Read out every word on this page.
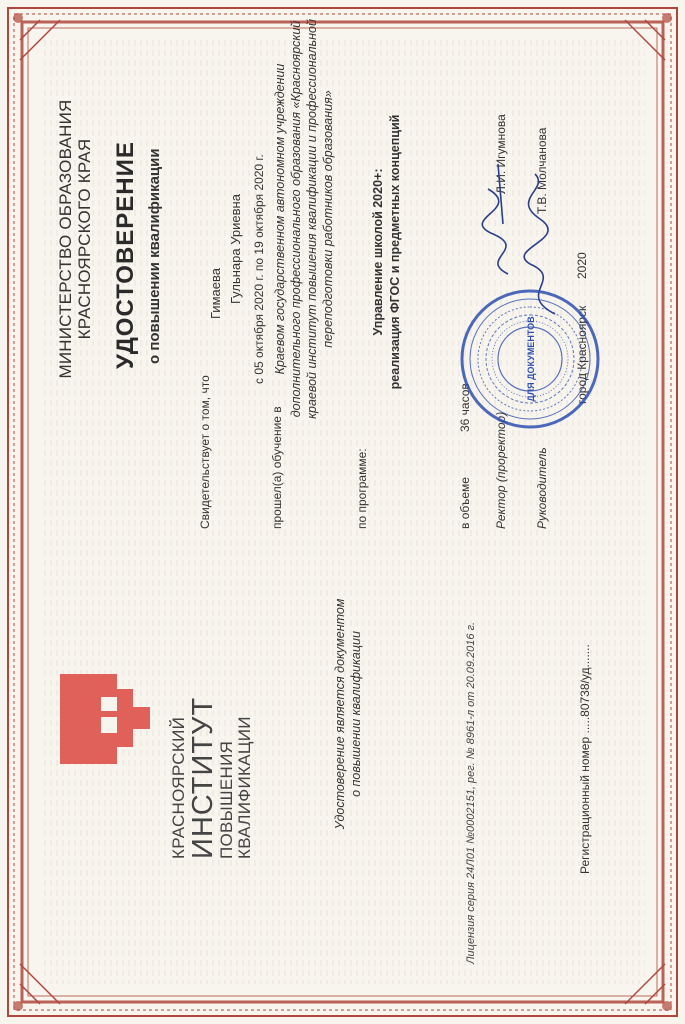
КРАСНОЯРСКИЙ ИНСТИТУТ
ПОВЫШЕНИЯ КВАЛИФИКАЦИИ	Удостоверение является документом о повышении квалификации	Лицензия серия 24Л01 №0002151, рег. № 8961-л от 20.09.2016 г.	Регистрационный номер .....80738/уд.......
МИНИСТЕРСТВО ОБРАЗОВАНИЯ КРАСНОЯРСКОГО КРАЯ УДОСТОВЕРЕНИЕ о повышении квалификации
Свидетельствует о том, что
Гимаева Гульнара Уриевна с 05 октября 2020 г. по 19 октября 2020 г.
прошел(а) обучение в
Краевом государственном автономном учреждении дополнительного профессионального образования «Красноярский краевой институт повышения квалификации и профессиональной переподготовки работников образования»
по программе:
Управление школой 2020+: реализация ФГОС и предметных концепций
в объеме
36 часов
Ректор (проректор)
Л.И. Игумнова
Руководитель
Т.В. Молчанова
город Красноярск        2020
ДЛЯ ДОКУМЕНТОВ
